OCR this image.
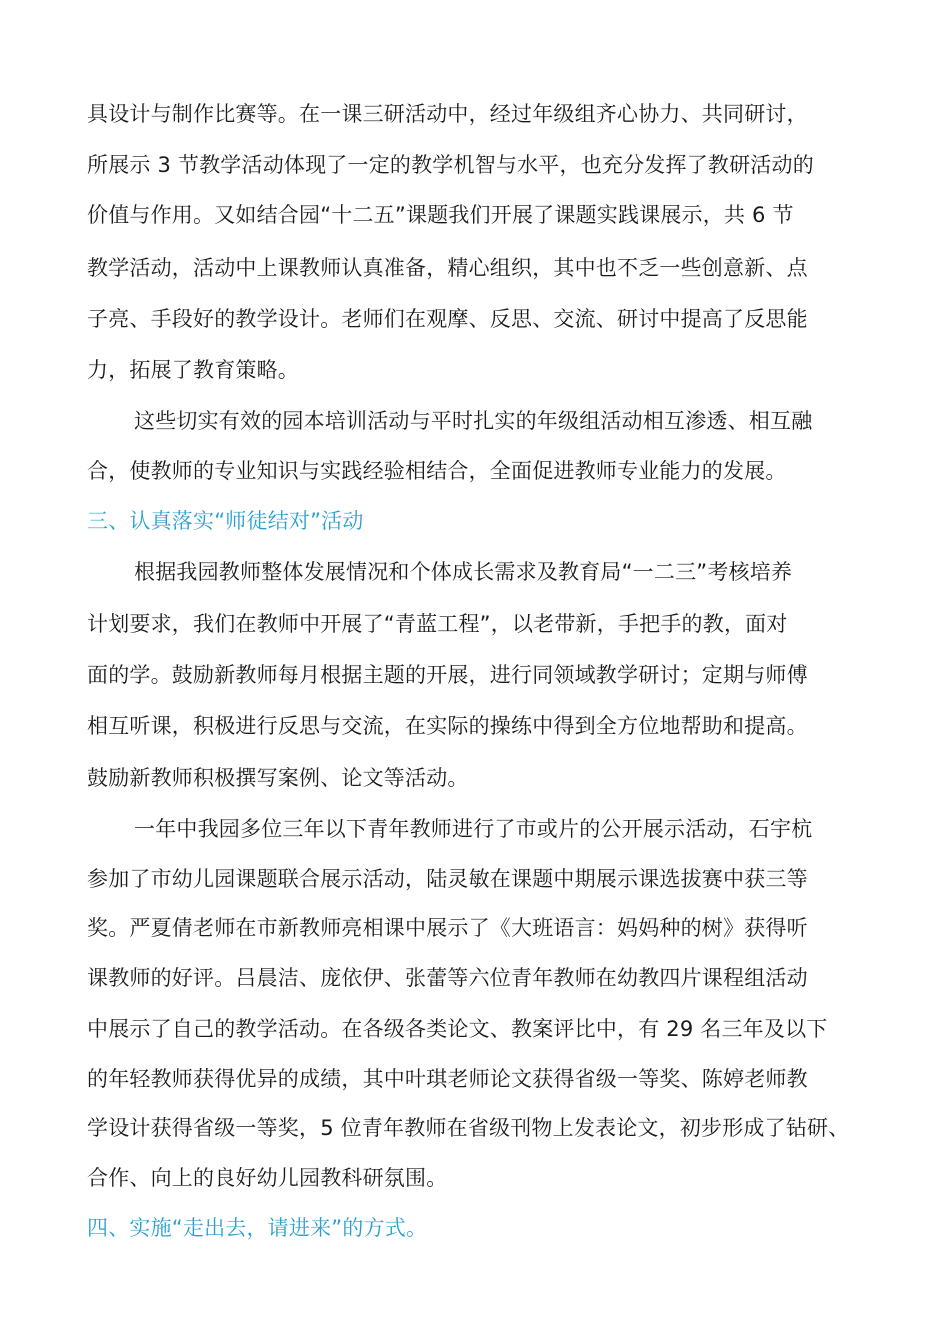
具设计与制作比赛等。在一课三研活动中，经过年级组齐心协力、共同研讨，
所展示 3 节教学活动体现了一定的教学机智与水平，也充分发挥了教研活动的
价值与作用。又如结合园“十二五”课题我们开展了课题实践课展示，共 6 节
教学活动，活动中上课教师认真准备，精心组织，其中也不乏一些创意新、点
子亮、手段好的教学设计。老师们在观摩、反思、交流、研讨中提高了反思能
力，拓展了教育策略。
这些切实有效的园本培训活动与平时扎实的年级组活动相互渗透、相互融
合，使教师的专业知识与实践经验相结合，全面促进教师专业能力的发展。
三、认真落实“师徒结对”活动
根据我园教师整体发展情况和个体成长需求及教育局“一二三”考核培养
计划要求，我们在教师中开展了“青蓝工程”，以老带新，手把手的教，面对
面的学。鼓励新教师每月根据主题的开展，进行同领域教学研讨；定期与师傅
相互听课，积极进行反思与交流，在实际的操练中得到全方位地帮助和提高。
鼓励新教师积极撰写案例、论文等活动。
一年中我园多位三年以下青年教师进行了市或片的公开展示活动，石宇杭
参加了市幼儿园课题联合展示活动，陆灵敏在课题中期展示课选拔赛中获三等
奖。严夏倩老师在市新教师亮相课中展示了《大班语言：妈妈种的树》获得听
课教师的好评。吕晨洁、庞依伊、张蕾等六位青年教师在幼教四片课程组活动
中展示了自己的教学活动。在各级各类论文、教案评比中，有 29 名三年及以下
的年轻教师获得优异的成绩，其中叶琪老师论文获得省级一等奖、陈婷老师教
学设计获得省级一等奖，5 位青年教师在省级刊物上发表论文，初步形成了钻研、
合作、向上的良好幼儿园教科研氛围。
四、实施“走出去，请进来”的方式。
